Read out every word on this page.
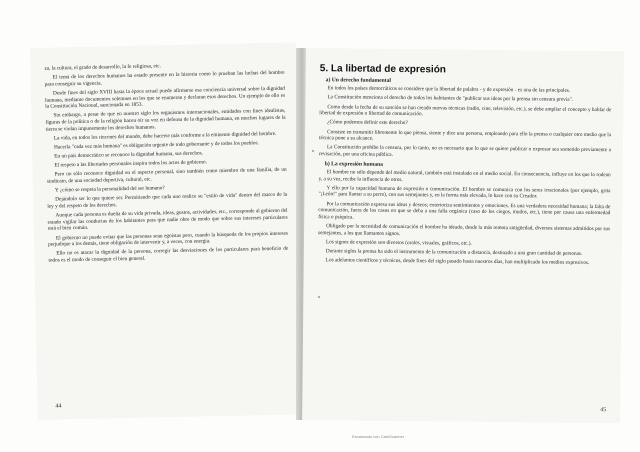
za, la cultura, el grado de desarrollo, la fe religiosa, etc.

El tema de los derechos humanos ha estado presente en la historia como lo prueban las luchas del hombre para conseguir su vigencia.

Desde fines del siglo XVIII hasta la época actual puede afirmarse esa conciencia universal sobre la dignidad humana, mediante documentos solemnes en los que se enumeran y declaran esos derechos. Un ejemplo de ello es la Constitución Nacional, sancionada en 1853.

Sin embargo, a pesar de que en nuestro siglo los organismos internacionales, entidades con fines idealistas, figuras de la política o de la religión hacen oír su voz en defensa de la dignidad humana, en muchos lugares de la tierra se violan impunemente los derechos humanos.

La vida, en todos los rincones del mundo, debe hacerse más conforme a la eminente dignidad del hombre.

Hacerla "cada vez más humana" es obligación urgente de todo gobernante y de todos los pueblos.

En un país democrático se reconoce la dignidad humana, sus derechos.

El respeto a las libertades personales inspira todos los actos de gobierno.

Pero no sólo reconoce dignidad en el aspecto personal, sino también como miembro de una familia, de un sindicato, de una sociedad deportiva, cultural, etc.

Y ¿cómo se respeta la personalidad del ser humano?

Dejándolo ser lo que quiere ser. Permitiendo que cada uno realice su "estilo de vida" dentro del marco de la ley y del respeto de los derechos.

Aunque cada persona es dueña de su vida privada, ideas, gustos, actividades, etc., corresponde al gobierno del estado vigilar las conductas de los habitantes para que nadie obre de modo que sobre sus intereses particulares está el bien común.

El gobierno no puede evitar que las personas sean egoístas pero, cuando la búsqueda de los propios intereses perjudique a los demás, tiene obligación de intervenir y, a veces, con energía.

Ello no es atacar la dignidad de la persona, corregir las desviaciones de los particulares para beneficio de todos es el modo de conseguir el bien general.

44
5. La libertad de expresión
a) Un derecho fundamental

En todos los países democráticos se considere que la libertad de palabra - y de expresión - es una de las principales.

La Constitución menciona el derecho de todos los habitantes de "publicar sus ideas por la prensa sin censura previa".

Como desde la fecha de su sanción se han creado nuevas técnicas (radio, cine, televisión, etc.), se debe ampliar el concepto y hablar de libertad de expresión o libertad de comunicación.

¿Cómo podemos definir este derecho?

Consiste en transmitir libremente lo que piensa, siente y dice una persona, empleando para ello la prensa o cualquier otro medio que la técnica pone a su alcance.

La Constitución prohíbe la censura, por lo tanto, no es necesario que lo que se quiere publicar o expresar sea sometido previamente a revisación, por una oficina pública.

b) La expresión humana

El hombre no sólo depende del medio natural, también está instalado en el medio social. En consecuencia, influye en los que lo rodean y, a su vez, recibe la influencia de otros.

Y ello por la capacidad humana de expresión o comunicación. El hombre se comunica con los seres irracionales (por ejemplo, grita "¡León!" para llamar a su perro), con sus semejantes y, en la forma más elevada, lo hace con su Creador.

Por la comunicación expresa sus ideas y deseos; exterioriza sentimientos y emociones. Es una verdadera necesidad humana; la falta de comunicación, fuera de los casos en que se deba a una falla orgánica (caso de los ciegos, mudos, etc.), tiene por causa una enfermedad física o psíquica.

Obligado por la necesidad de comunicación el hombre ha ideado, desde la más remota antigüedad, diversos sistemas admitidos por sus semejantes, a los que llamamos signos.

Los signos de expresión son diversos (orales, visuales, gráficos, etc.).

Durante siglos la prensa ha sido el instrumento de la comunicación a distancia, destinado a una gran cantidad de personas.

Los adelantos científicos y técnicos, desde fines del siglo pasado hasta nuestros días, han multiplicado los medios expresivos.

45
Escaneado con CamScanner
